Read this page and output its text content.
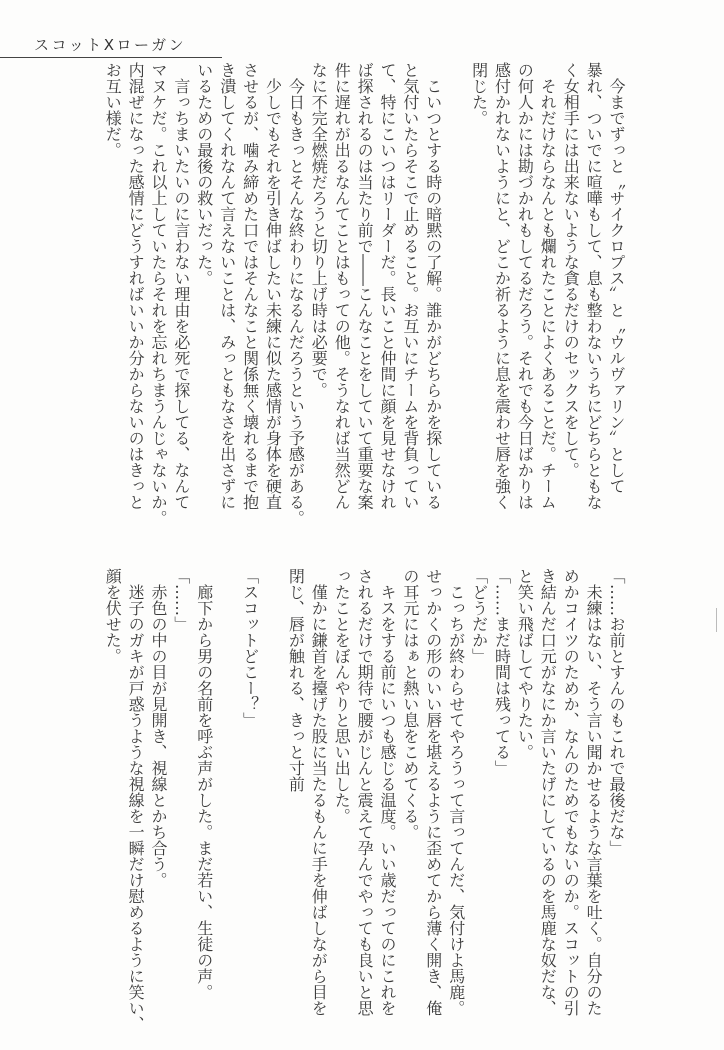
スコットXローガン
　今までずっと〝サイクロプス〟と〝ウルヴァリン〟として
暴れ、ついでに喧嘩もして、息も整わないうちにどちらともな
く女相手には出来ないような貪るだけのセックスをして。
　それだけならなんとも爛れたことによくあることだ。チーム
の何人かには勘づかれもしてるだろう。それでも今日ばかりは
感付かれないようにと、どこか祈るように息を震わせ唇を強く
閉じた。
　こいつとする時の暗黙の了解。誰かがどちらかを探している
と気付いたらそこで止めること。お互いにチームを背負ってい
て、特にこいつはリーダーだ。長いこと仲間に顔を見せなけれ
ば探されるのは当たり前で――こんなことをしていて重要な案
件に遅れが出るなんてことはもっての他。そうなれば当然どん
なに不完全燃焼だろうと切り上げ時は必要で。
　今日もきっとそんな終わりになるんだろうという予感がある。
　少しでもそれを引き伸ばしたい未練に似た感情が身体を硬直
させるが、噛み締めた口ではそんなこと関係無く壊れるまで抱
き潰してくれなんて言えないことは、みっともなさを出さずに
いるための最後の救いだった。
　言っちまいたいのに言わない理由を必死で探してる、なんて
マヌケだ。これ以上していたらそれを忘れちまうんじゃないか。
内混ぜになった感情にどうすればいいか分からないのはきっと
お互い様だ。
「……お前とすんのもこれで最後だな」
　未練はない、そう言い聞かせるような言葉を吐く。自分のた
めかコイツのためか、なんのためでもないのか。スコットの引
き結んだ口元がなにか言いたげにしているのを馬鹿な奴だな、
と笑い飛ばしてやりたい。
「……まだ時間は残ってる」
「どうだか」
　こっちが終わらせてやろうって言ってんだ、気付けよ馬鹿。
せっかくの形のいい唇を堪えるように歪めてから薄く開き、俺
の耳元にはぁと熱い息をこめてくる。
　キスをする前にいつも感じる温度。いい歳だってのにこれを
されるだけで期待で腰がじんと震えて孕んでやっても良いと思
ったことをぼんやりと思い出した。
　僅かに鎌首を擡げた股に当たるもんに手を伸ばしながら目を
閉じ、唇が触れる、きっと寸前
「スコットどこー？」
　廊下から男の名前を呼ぶ声がした。まだ若い、生徒の声。
「……」
　赤色の中の目が見開き、視線とかち合う。
　迷子のガキが戸惑うような視線を一瞬だけ慰めるように笑い、
顔を伏せた。
